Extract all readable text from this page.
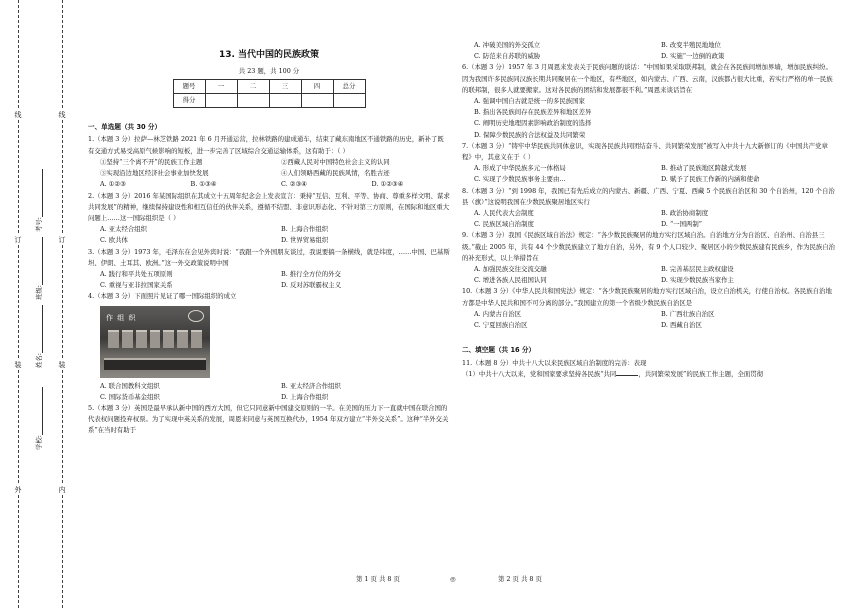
线
订
装
外
线
订
装
内
学校:
姓名:
班级:
考号:
13. 当代中国的民族政策
共 23 题，共 100 分
题号	一	二	三	四	总分
得分					
一、单选题（共 30 分）
1.（本题 3 分）拉萨—林芝铁路 2021 年 6 月开通运营，拉林铁路的建成通车，结束了藏东南地区不通铁路的历史，新补了既有交通方式易受高原气候影响的短板，进一步完善了区域综合交通运输体系，这有助于：（ ）
①坚持“三个离不开”的民族工作主题	②西藏人民对中国特色社会主义的认同
③实现沿边地区经济社会事业加快发展	④人们领略西藏的民族风情，名胜古迹
A. ①②③	B. ①③④	C. ②③④	D. ①②③④
2.（本题 3 分）2016 年某国际组织在其成立十五周年纪念会上发表宣言：秉持“互信、互利、平等、协商、尊重多样文明、谋求共同发展”的精神，继续保持建设性和相互信任的伙伴关系，遵循不结盟、非意识形态化、不针对第三方原则，在国际和地区重大问题上……这一国际组织是（ ）
A. 亚太经合组织	B. 上海合作组织
C. 欧共体	D. 世界贸易组织
3.（本题 3 分）1973 年，毛泽东在会见外宾时说：“我跟一个外国朋友谈过，我说要搞一条横线，就是纬度，……中国、巴基斯坦、伊朗、土耳其、欧洲。”这一外交政策说明中国
A. 践行和平共处五项原则	B. 推行全方位的外交
C. 重视与亚非拉国家关系	D. 反对苏联霸权主义
4.（本题 3 分）下面照片见证了哪一国际组织的成立
作 组 织
A. 联合国教科文组织	B. 亚太经济合作组织
C. 国际货币基金组织	D. 上海合作组织
5.（本题 3 分）英国是最早承认新中国的西方大国，但它只同意新中国建交原则的一半。在美国的压力下一直就中国在联合国的代表权问题投弃权票。为了实现中英关系的发展，周恩来同意与英国互换代办，1954 年双方建立“半外交关系”。这种“半外交关系”在当时有助于
A. 冲破美国的外交孤立	B. 改变半殖民地地位
C. 防范来自苏联的威胁	D. 实施“一边倒的政策
6.（本题 3 分）1957 年 3 月周恩来发表关于民族问题的谈话：“中国如果采取联邦制，就会在各民族间增加界墙，增加民族纠纷。因为我国许多民族同汉族长期共同聚居在一个地区，有些地区，如内蒙古、广西、云南，汉族都占很大比重，若实行严格的单一民族的联邦制，很多人就要搬家。这对各民族的团结和发展都很不利。”周恩来谈话旨在
A. 强调中国自古就是统一的多民族国家
B. 指出各民族间存在民族差异和地区差异
C. 阐明历史地理因素影响政治制度的选择
D. 保障少数民族的合法权益及共同繁荣
7.（本题 3 分）“铸牢中华民族共同体意识，实现各民族共同团结奋斗、共同繁荣发展”被写入中共十九大新修订的《中国共产党章程》中，其意义在于（ ）
A. 形成了中华民族多元一体格局	B. 推动了民族地区跨越式发展
C. 实现了少数民族事务主要由…	D. 赋予了民族工作新的内涵和使命
8.（本题 3 分）“到 1998 年，我国已有先后成立的内蒙古、新疆、广西、宁夏、西藏 5 个民族自治区和 30 个自治州，120 个自治县（旗）”这说明我国在少数民族聚居地区实行
A. 人民代表大会制度	B. 政治协商制度
C. 民族区域自治制度	D. “一国两制”
9.（本题 3 分）我国《民族区域自治法》规定：“各少数民族聚居的地方实行区域自治。自治地方分为自治区、自治州、自治县三级。”截止 2005 年，共有 44 个少数民族建立了地方自治，另外，有 9 个人口较少、聚居区小的少数民族建有民族乡，作为民族自治的补充形式，以上举措旨在
A. 加强民族交往交流交融	B. 完善基层民主政权建设
C. 增进各族人民祖国认同	D. 实现少数民族当家作主
10.（本题 3 分）《中华人民共和国宪法》规定：“各少数民族聚居的地方实行区域自治，设立自治机关，行使自治权。各民族自治地方都是中华人民共和国不可分离的部分。”我国建立的第一个省级少数民族自治区是
A. 内蒙古自治区	B. 广西壮族自治区
C. 宁夏回族自治区	D. 西藏自治区
二、填空题（共 16 分）
11.（本题 8 分）中共十八大以来民族区域自治制度的完善：表现
（1）中共十八大以来，党和国家要求坚持各民族“共同	，共同繁荣发展”的民族工作主题，全面贯彻
第 1 页 共 8 页	◎	第 2 页 共 8 页
